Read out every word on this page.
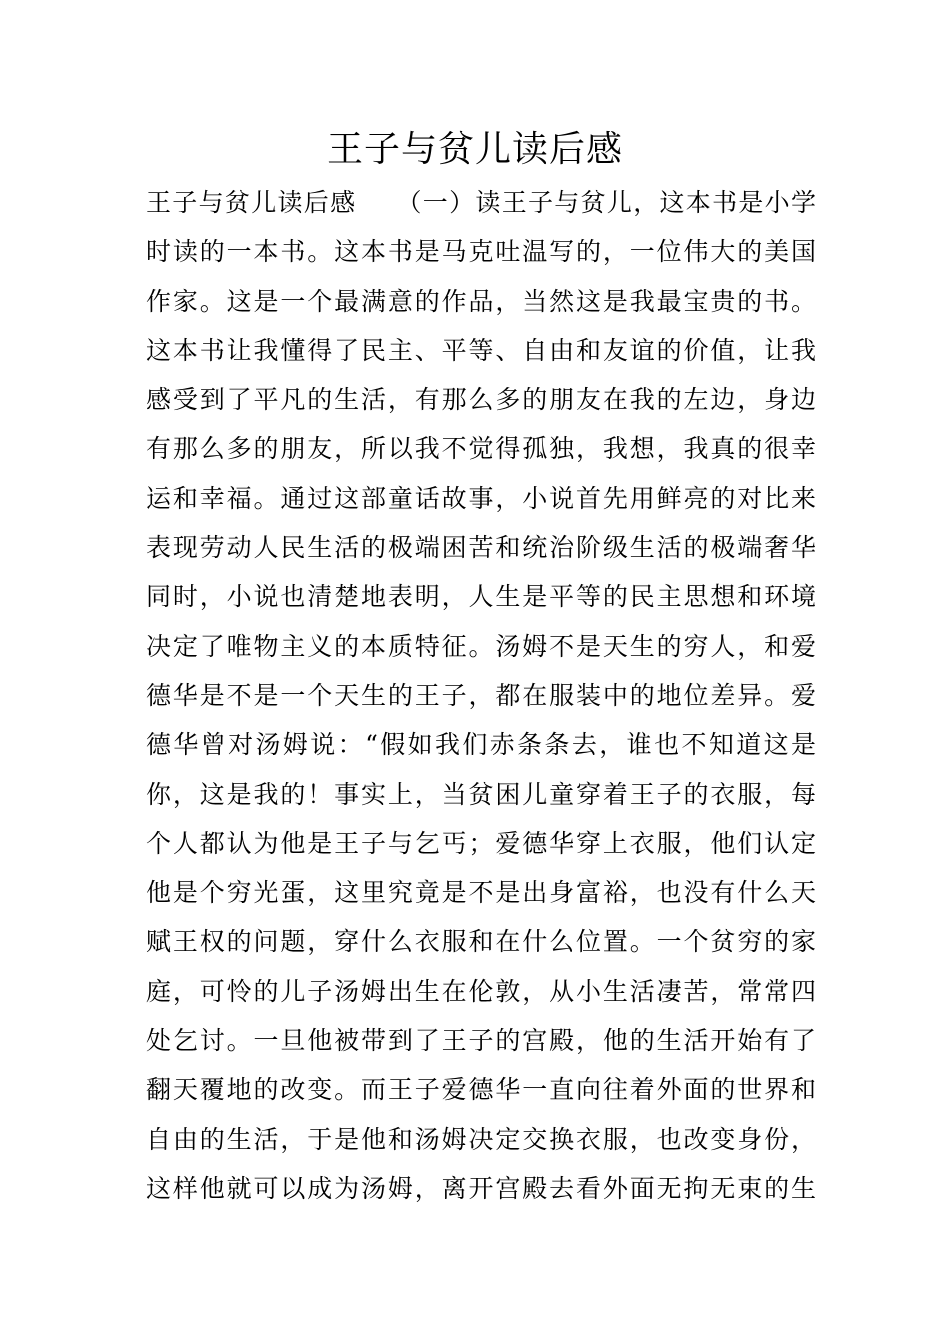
王子与贫儿读后感
王子与贫儿读后感　　（一）读王子与贫儿，这本书是小学
时读的一本书。这本书是马克吐温写的，一位伟大的美国
作家。这是一个最满意的作品，当然这是我最宝贵的书。
这本书让我懂得了民主、平等、自由和友谊的价值，让我
感受到了平凡的生活，有那么多的朋友在我的左边，身边
有那么多的朋友，所以我不觉得孤独，我想，我真的很幸
运和幸福。通过这部童话故事，小说首先用鲜亮的对比来
表现劳动人民生活的极端困苦和统治阶级生活的极端奢华
同时，小说也清楚地表明，人生是平等的民主思想和环境
决定了唯物主义的本质特征。汤姆不是天生的穷人，和爱
德华是不是一个天生的王子，都在服装中的地位差异。爱
德华曾对汤姆说：“假如我们赤条条去，谁也不知道这是
你，这是我的！事实上，当贫困儿童穿着王子的衣服，每
个人都认为他是王子与乞丐；爱德华穿上衣服，他们认定
他是个穷光蛋，这里究竟是不是出身富裕，也没有什么天
赋王权的问题，穿什么衣服和在什么位置。一个贫穷的家
庭，可怜的儿子汤姆出生在伦敦，从小生活凄苦，常常四
处乞讨。一旦他被带到了王子的宫殿，他的生活开始有了
翻天覆地的改变。而王子爱德华一直向往着外面的世界和
自由的生活，于是他和汤姆决定交换衣服，也改变身份，
这样他就可以成为汤姆，离开宫殿去看外面无拘无束的生
